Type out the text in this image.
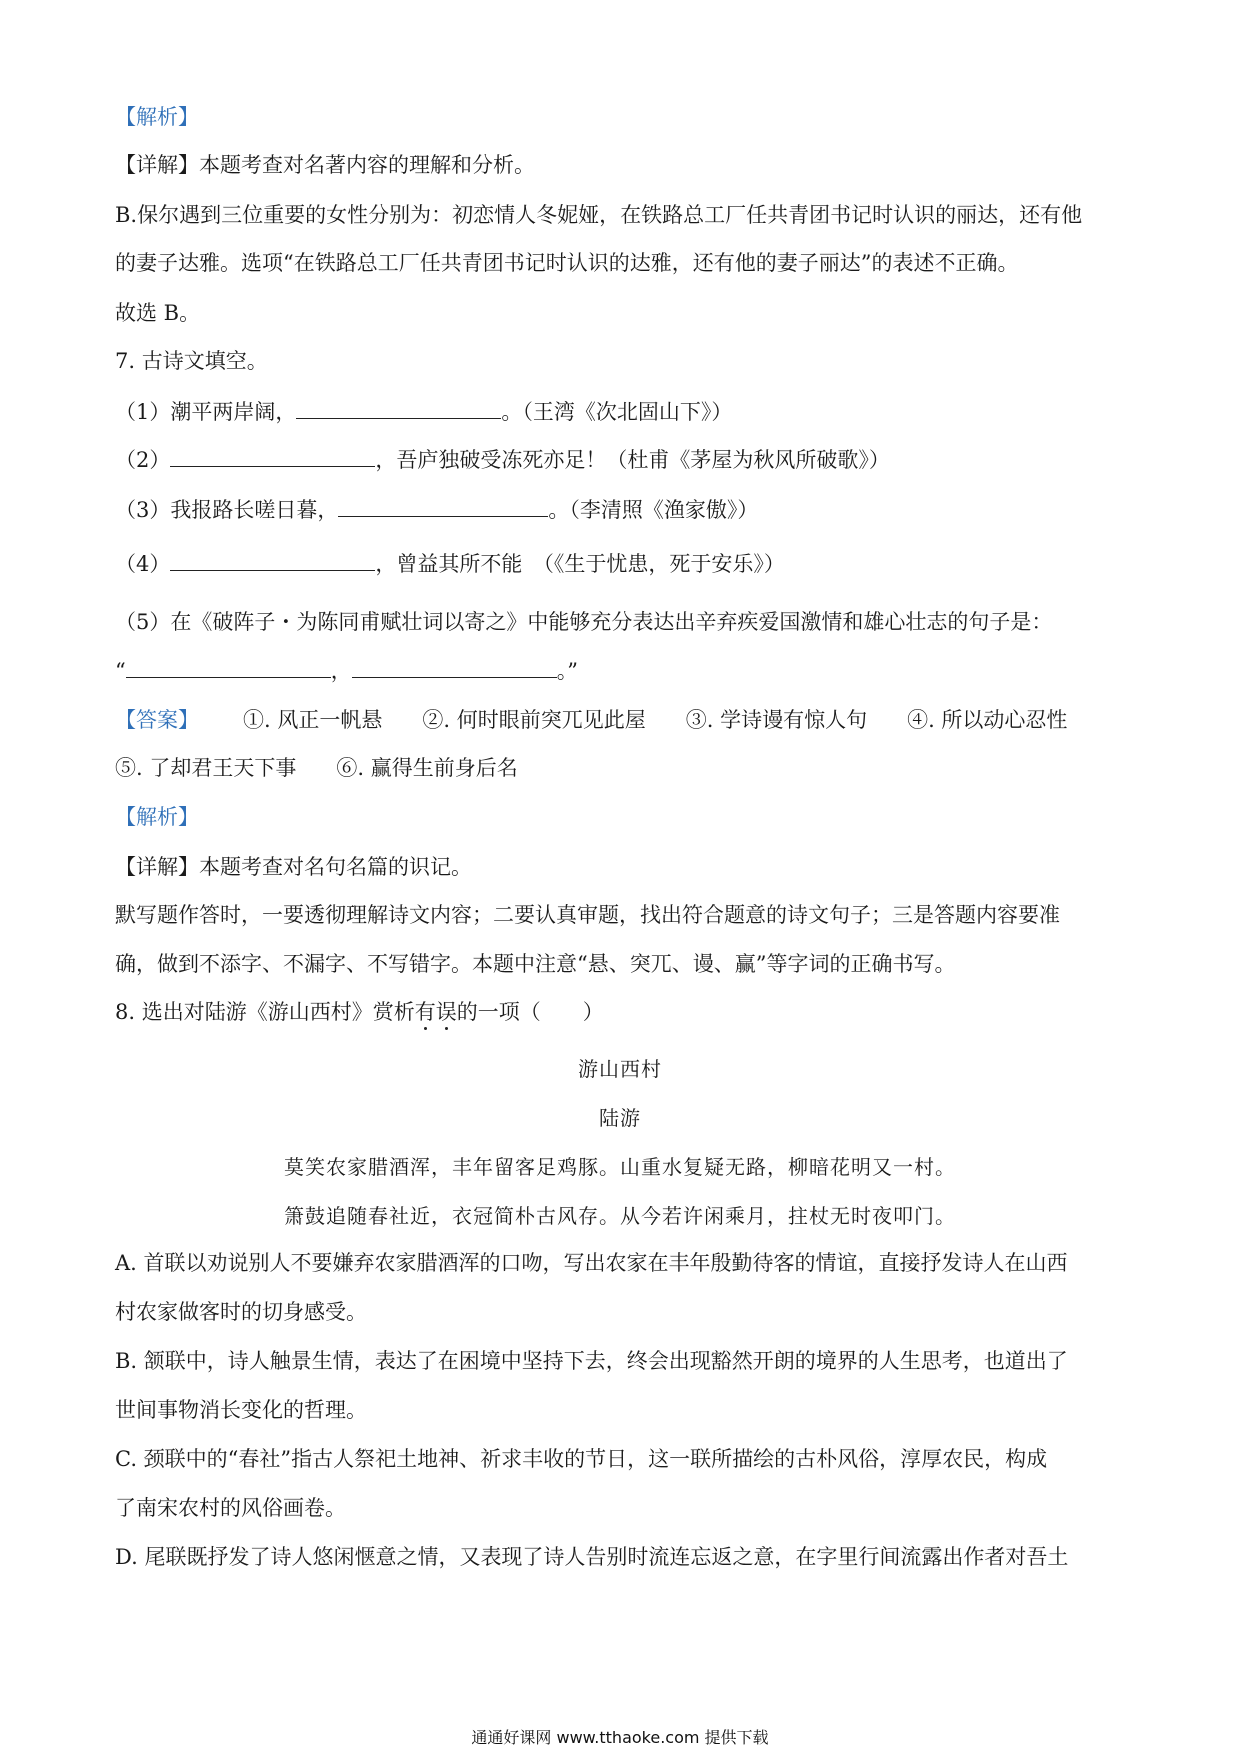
【解析】
【详解】本题考查对名著内容的理解和分析。
B.保尔遇到三位重要的女性分别为：初恋情人冬妮娅，在铁路总工厂任共青团书记时认识的丽达，还有他
的妻子达雅。选项“在铁路总工厂任共青团书记时认识的达雅，还有他的妻子丽达”的表述不正确。
故选 B。
7. 古诗文填空。
（1）潮平两岸阔，	。（王湾《次北固山下》）
（2）	，吾庐独破受冻死亦足！（杜甫《茅屋为秋风所破歌》）
（3）我报路长嗟日暮，	。（李清照《渔家傲》）
（4）	，曾益其所不能　（《生于忧患，死于安乐》）
（5）在《破阵子・为陈同甫赋壮词以寄之》中能够充分表达出辛弃疾爱国激情和雄心壮志的句子是：
“	，	。”
【答案】 ①. 风正一帆悬 ②. 何时眼前突兀见此屋 ③. 学诗谩有惊人句 ④. 所以动心忍性
⑤. 了却君王天下事 ⑥. 赢得生前身后名
【解析】
【详解】本题考查对名句名篇的识记。
默写题作答时，一要透彻理解诗文内容；二要认真审题，找出符合题意的诗文句子；三是答题内容要准
确，做到不添字、不漏字、不写错字。本题中注意“悬、突兀、谩、赢”等字词的正确书写。
8. 选出对陆游《游山西村》赏析有误的一项（　　）
游山西村
陆游
莫笑农家腊酒浑，丰年留客足鸡豚。山重水复疑无路，柳暗花明又一村。
箫鼓追随春社近，衣冠简朴古风存。从今若许闲乘月，拄杖无时夜叩门。
A. 首联以劝说别人不要嫌弃农家腊酒浑的口吻，写出农家在丰年殷勤待客的情谊，直接抒发诗人在山西
村农家做客时的切身感受。
B. 颔联中，诗人触景生情，表达了在困境中坚持下去，终会出现豁然开朗的境界的人生思考，也道出了
世间事物消长变化的哲理。
C. 颈联中的“春社”指古人祭祀土地神、祈求丰收的节日，这一联所描绘的古朴风俗，淳厚农民，构成
了南宋农村的风俗画卷。
D. 尾联既抒发了诗人悠闲惬意之情，又表现了诗人告别时流连忘返之意，在字里行间流露出作者对吾土
通通好课网 www.tthaoke.com 提供下载
